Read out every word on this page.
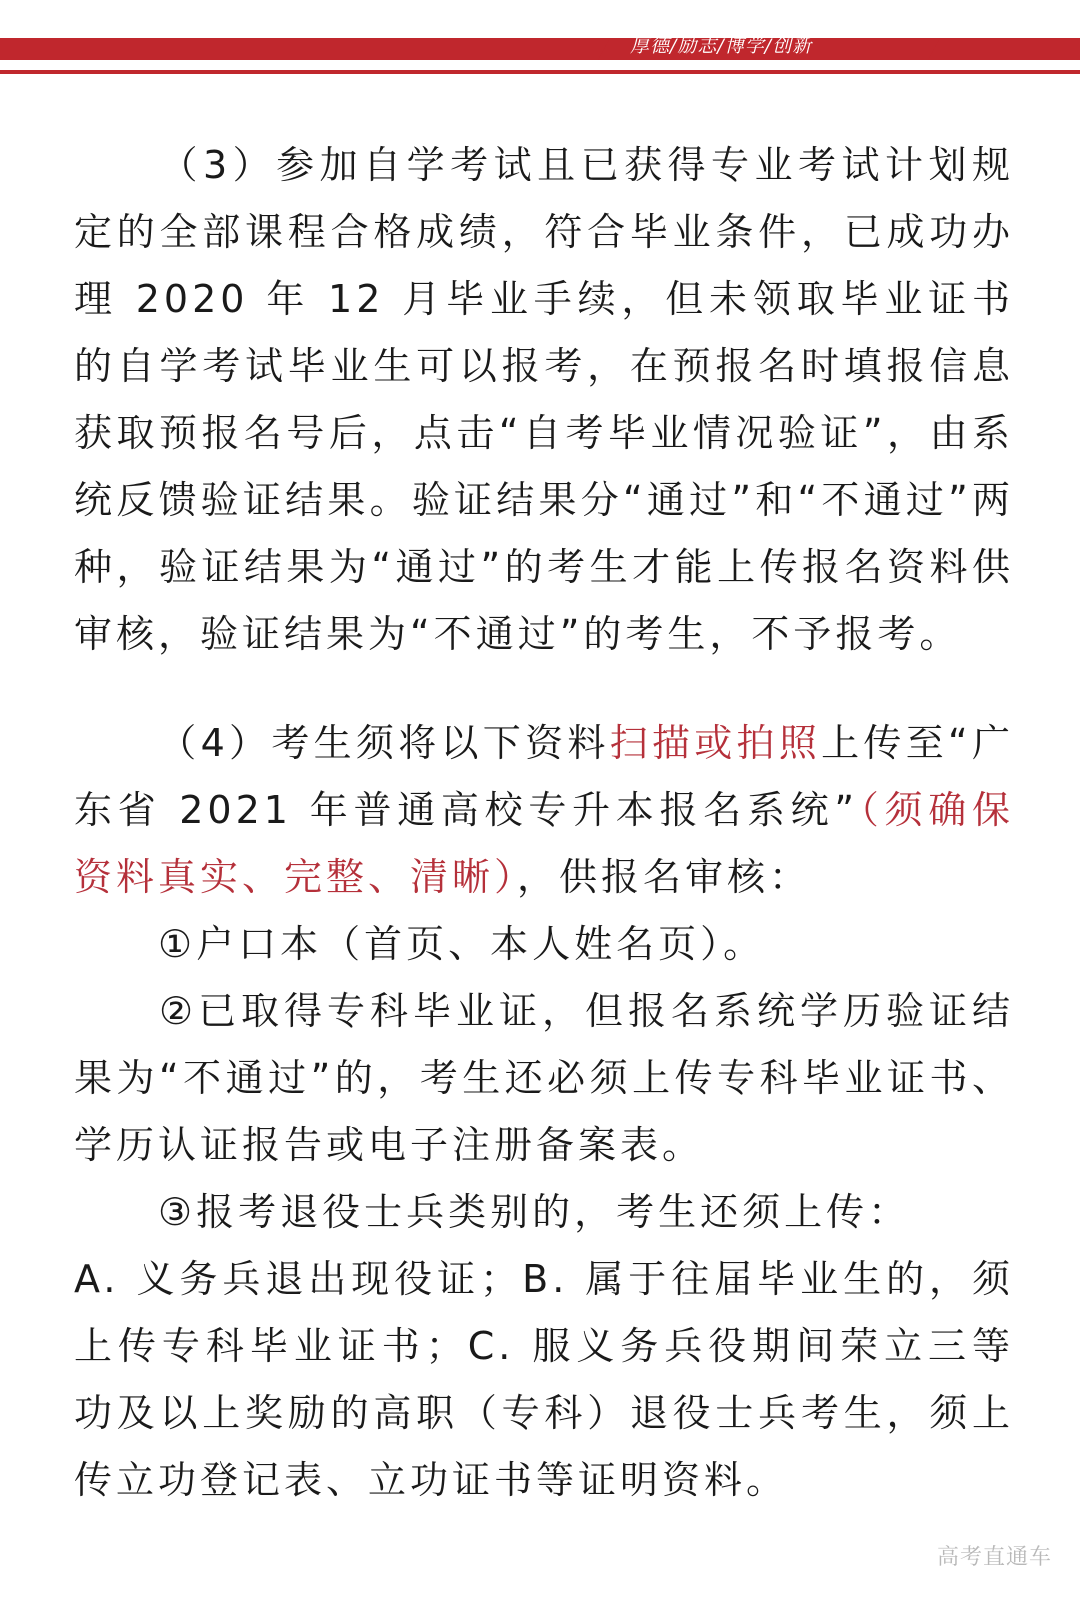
厚德/励志/博学/创新

（3）参加自学考试且已获得专业考试计划规定的全部课程合格成绩，符合毕业条件，已成功办理 2020 年 12 月毕业手续，但未领取毕业证书的自学考试毕业生可以报考，在预报名时填报信息获取预报名号后，点击“自考毕业情况验证”，由系统反馈验证结果。验证结果分“通过”和“不通过”两种，验证结果为“通过”的考生才能上传报名资料供审核，验证结果为“不通过”的考生，不予报考。

（4）考生须将以下资料扫描或拍照上传至“广东省 2021 年普通高校专升本报名系统”（须确保资料真实、完整、清晰），供报名审核：

①户口本（首页、本人姓名页）。

②已取得专科毕业证，但报名系统学历验证结果为“不通过”的，考生还必须上传专科毕业证书、学历认证报告或电子注册备案表。

③报考退役士兵类别的，考生还须上传：

A. 义务兵退出现役证；B. 属于往届毕业生的，须上传专科毕业证书；C. 服义务兵役期间荣立三等功及以上奖励的高职（专科）退役士兵考生，须上传立功登记表、立功证书等证明资料。

高考直通车
